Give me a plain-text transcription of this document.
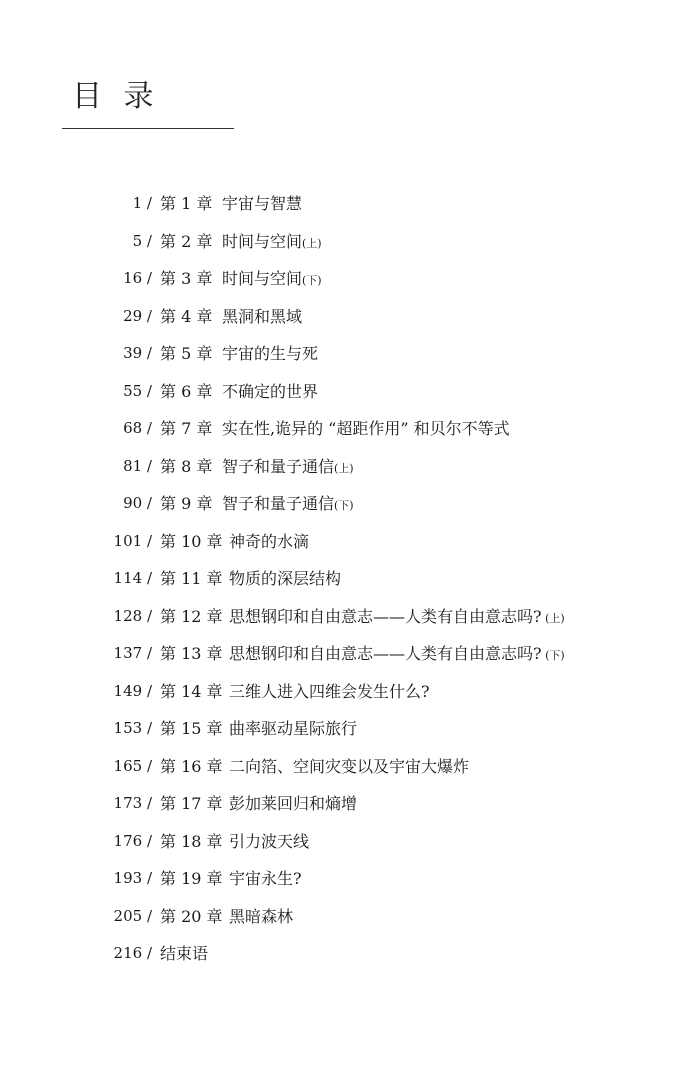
目 录
1 / 第 1 章 宇宙与智慧
5 / 第 2 章 时间与空间(上)
16 / 第 3 章 时间与空间(下)
29 / 第 4 章 黑洞和黑域
39 / 第 5 章 宇宙的生与死
55 / 第 6 章 不确定的世界
68 / 第 7 章 实在性,诡异的 “超距作用” 和贝尔不等式
81 / 第 8 章 智子和量子通信(上)
90 / 第 9 章 智子和量子通信(下)
101 / 第 10 章 神奇的水滴
114 / 第 11 章 物质的深层结构
128 / 第 12 章 思想钢印和自由意志——人类有自由意志吗? (上)
137 / 第 13 章 思想钢印和自由意志——人类有自由意志吗? (下)
149 / 第 14 章 三维人进入四维会发生什么?
153 / 第 15 章 曲率驱动星际旅行
165 / 第 16 章 二向箔、空间灾变以及宇宙大爆炸
173 / 第 17 章 彭加莱回归和熵增
176 / 第 18 章 引力波天线
193 / 第 19 章 宇宙永生?
205 / 第 20 章 黑暗森林
216 / 结束语
